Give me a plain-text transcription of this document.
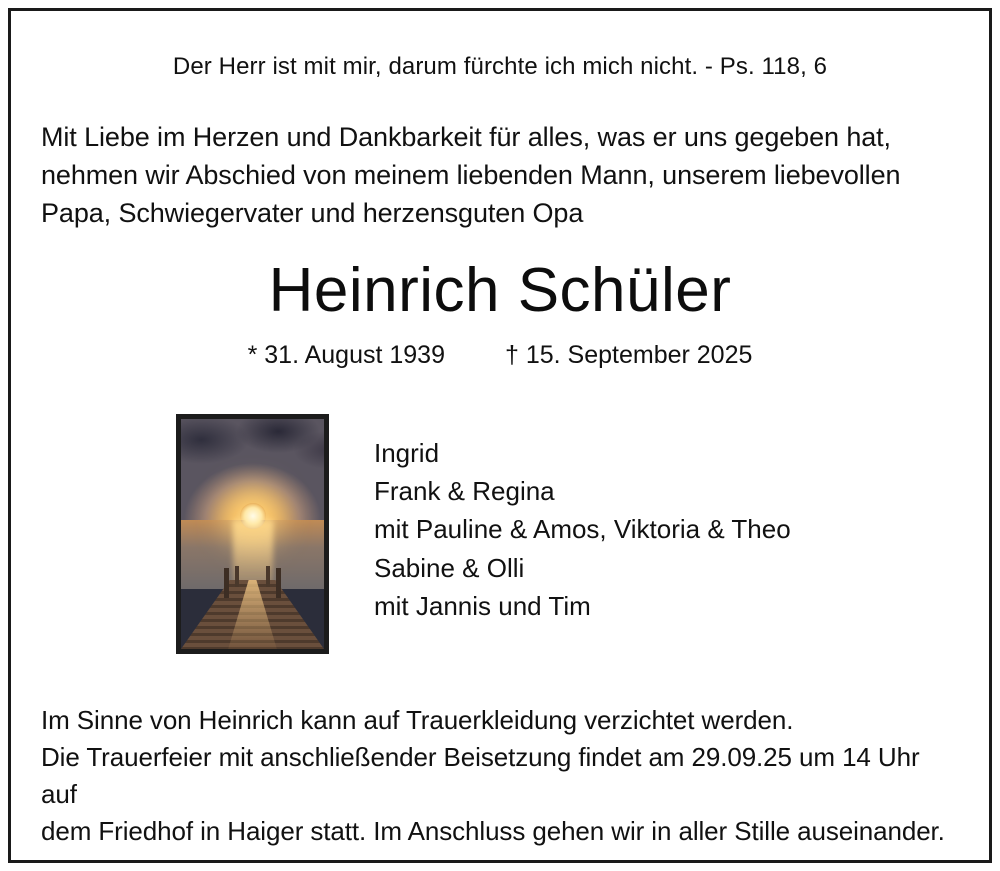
Der Herr ist mit mir, darum fürchte ich mich nicht. - Ps. 118, 6
Mit Liebe im Herzen und Dankbarkeit für alles, was er uns gegeben hat,
nehmen wir Abschied von meinem liebenden Mann, unserem liebevollen
Papa, Schwiegervater und herzensguten Opa
Heinrich Schüler
* 31. August 1939 † 15. September 2025
Ingrid
Frank & Regina
mit Pauline & Amos, Viktoria & Theo
Sabine & Olli
mit Jannis und Tim
Im Sinne von Heinrich kann auf Trauerkleidung verzichtet werden.
Die Trauerfeier mit anschließender Beisetzung findet am 29.09.25 um 14 Uhr auf
dem Friedhof in Haiger statt. Im Anschluss gehen wir in aller Stille auseinander.
